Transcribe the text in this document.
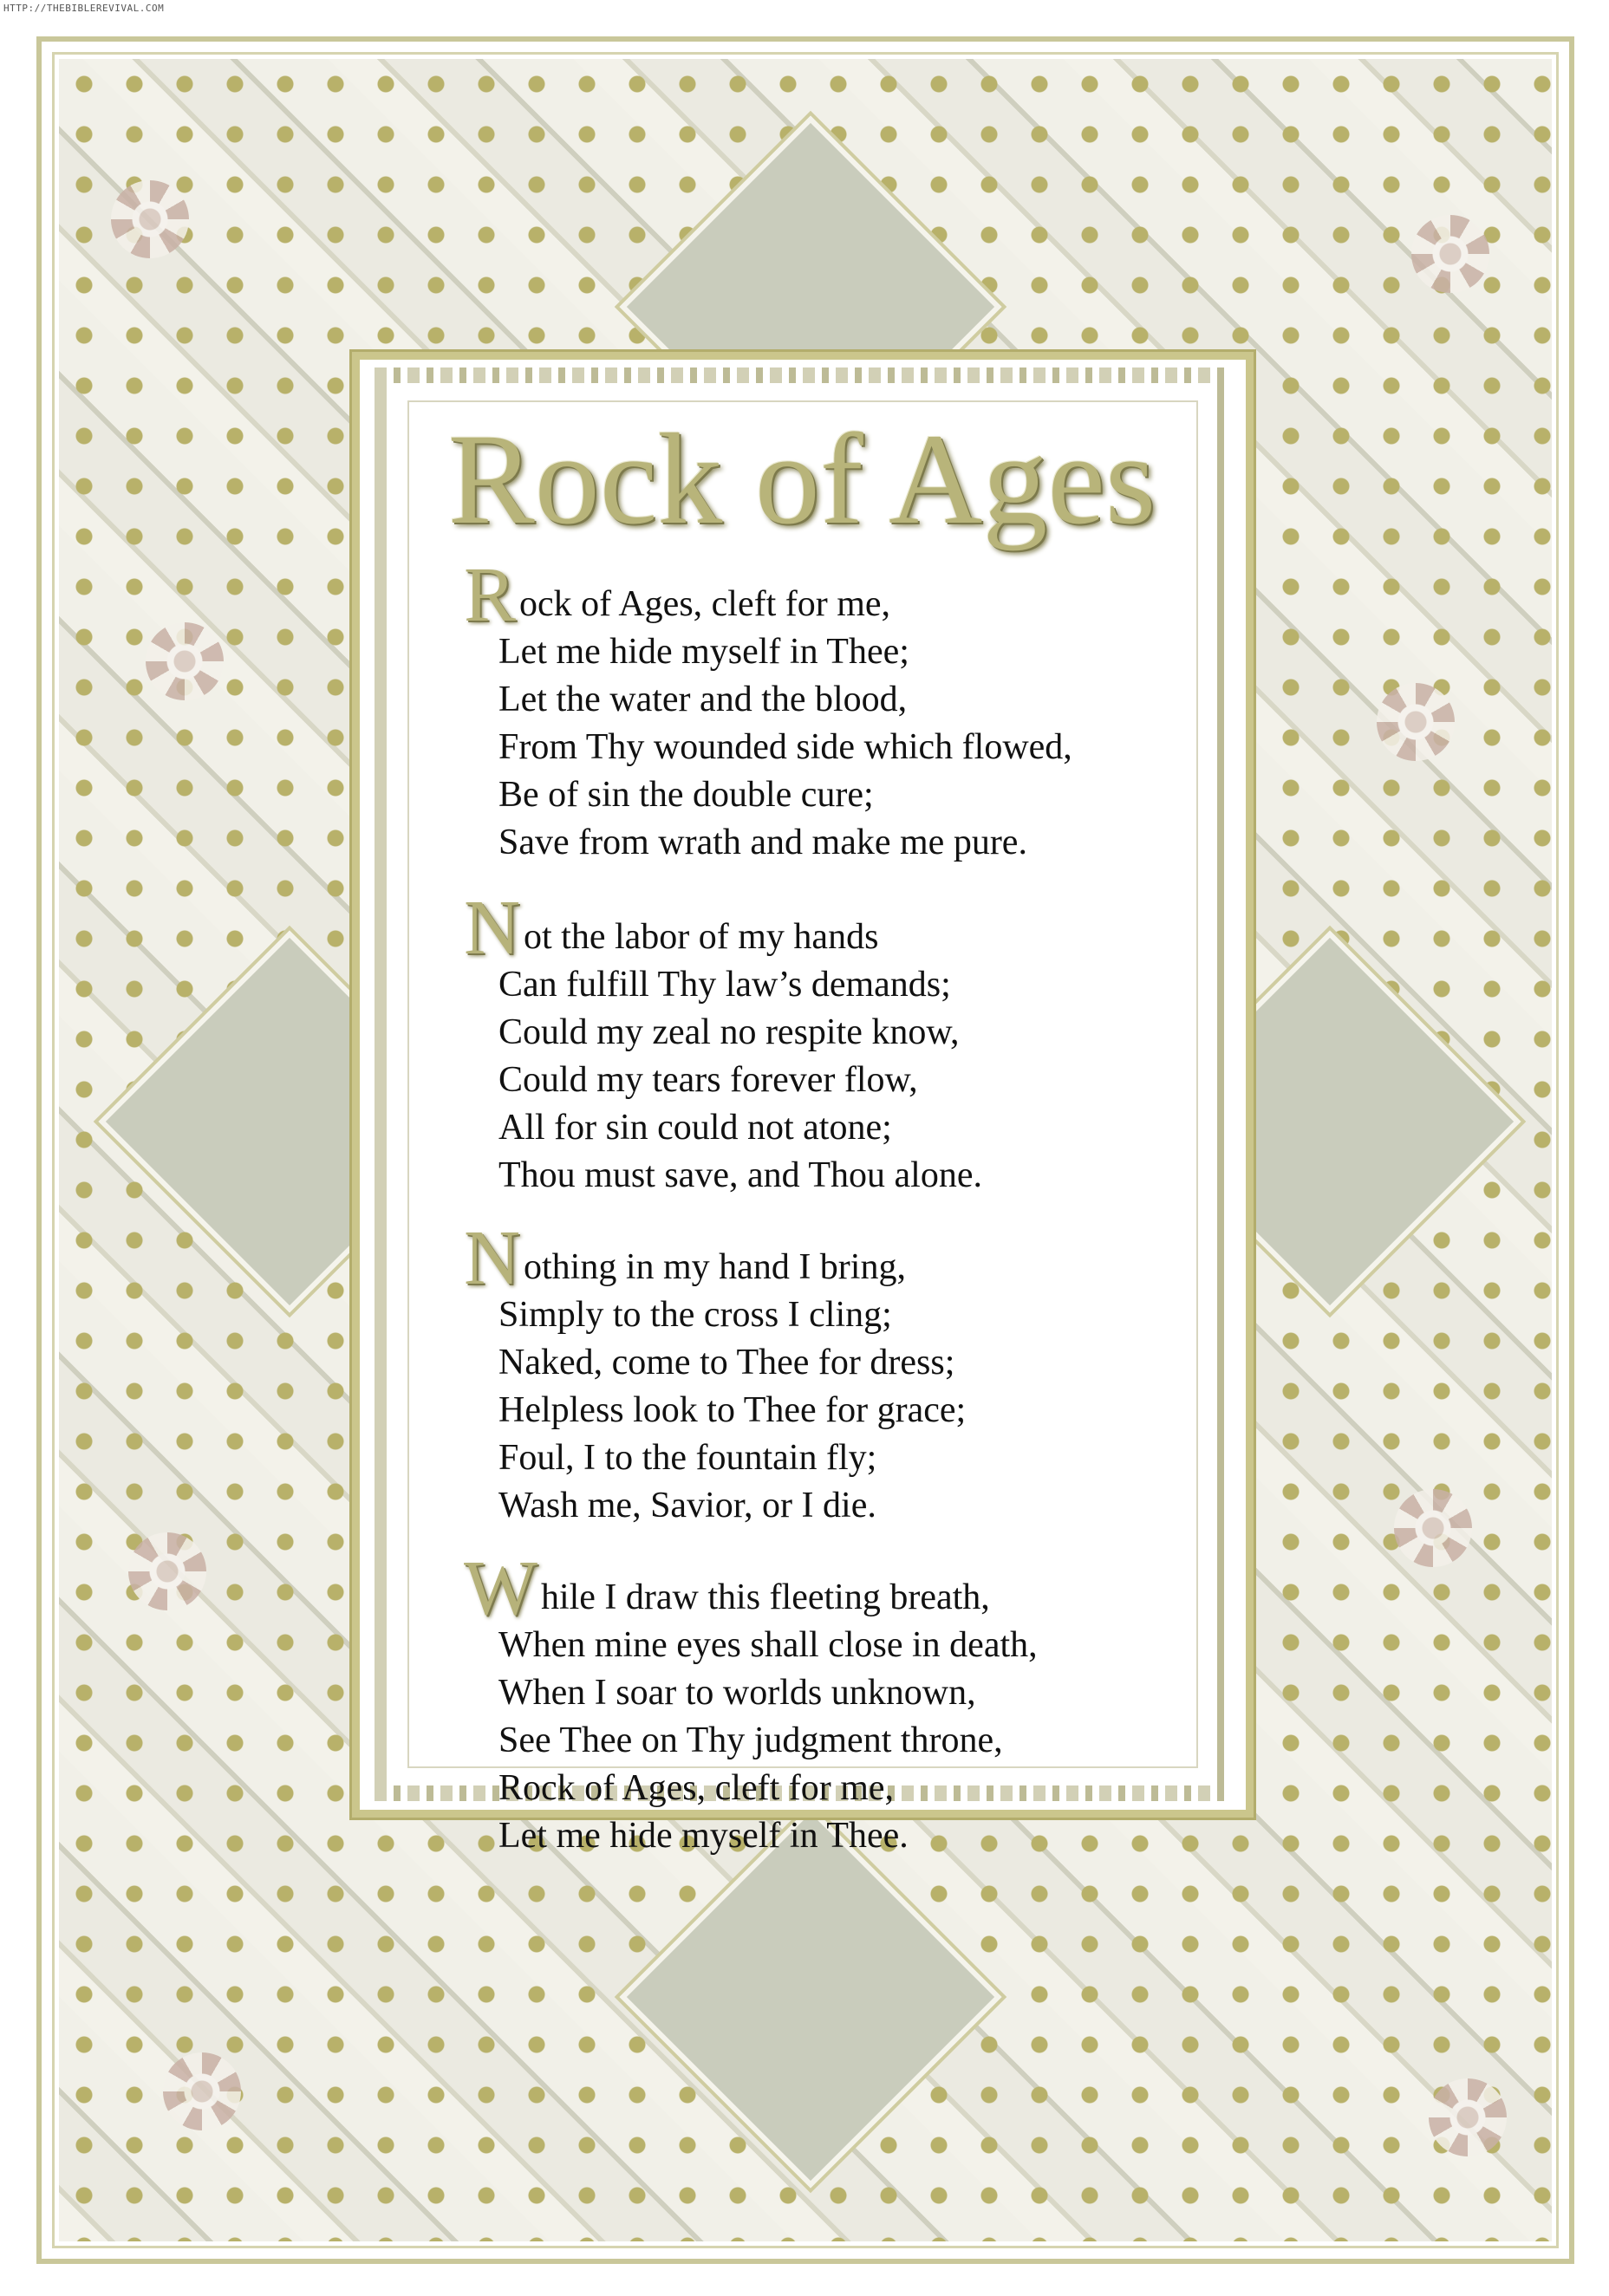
HTTP://THEBIBLEREVIVAL.COM
Rock of Ages
Rock of Ages, cleft for me,
Let me hide myself in Thee;
Let the water and the blood,
From Thy wounded side which flowed,
Be of sin the double cure;
Save from wrath and make me pure.
Not the labor of my hands
Can fulfill Thy law’s demands;
Could my zeal no respite know,
Could my tears forever flow,
All for sin could not atone;
Thou must save, and Thou alone.
Nothing in my hand I bring,
Simply to the cross I cling;
Naked, come to Thee for dress;
Helpless look to Thee for grace;
Foul, I to the fountain fly;
Wash me, Savior, or I die.
While I draw this fleeting breath,
When mine eyes shall close in death,
When I soar to worlds unknown,
See Thee on Thy judgment throne,
Rock of Ages, cleft for me,
Let me hide myself in Thee.
